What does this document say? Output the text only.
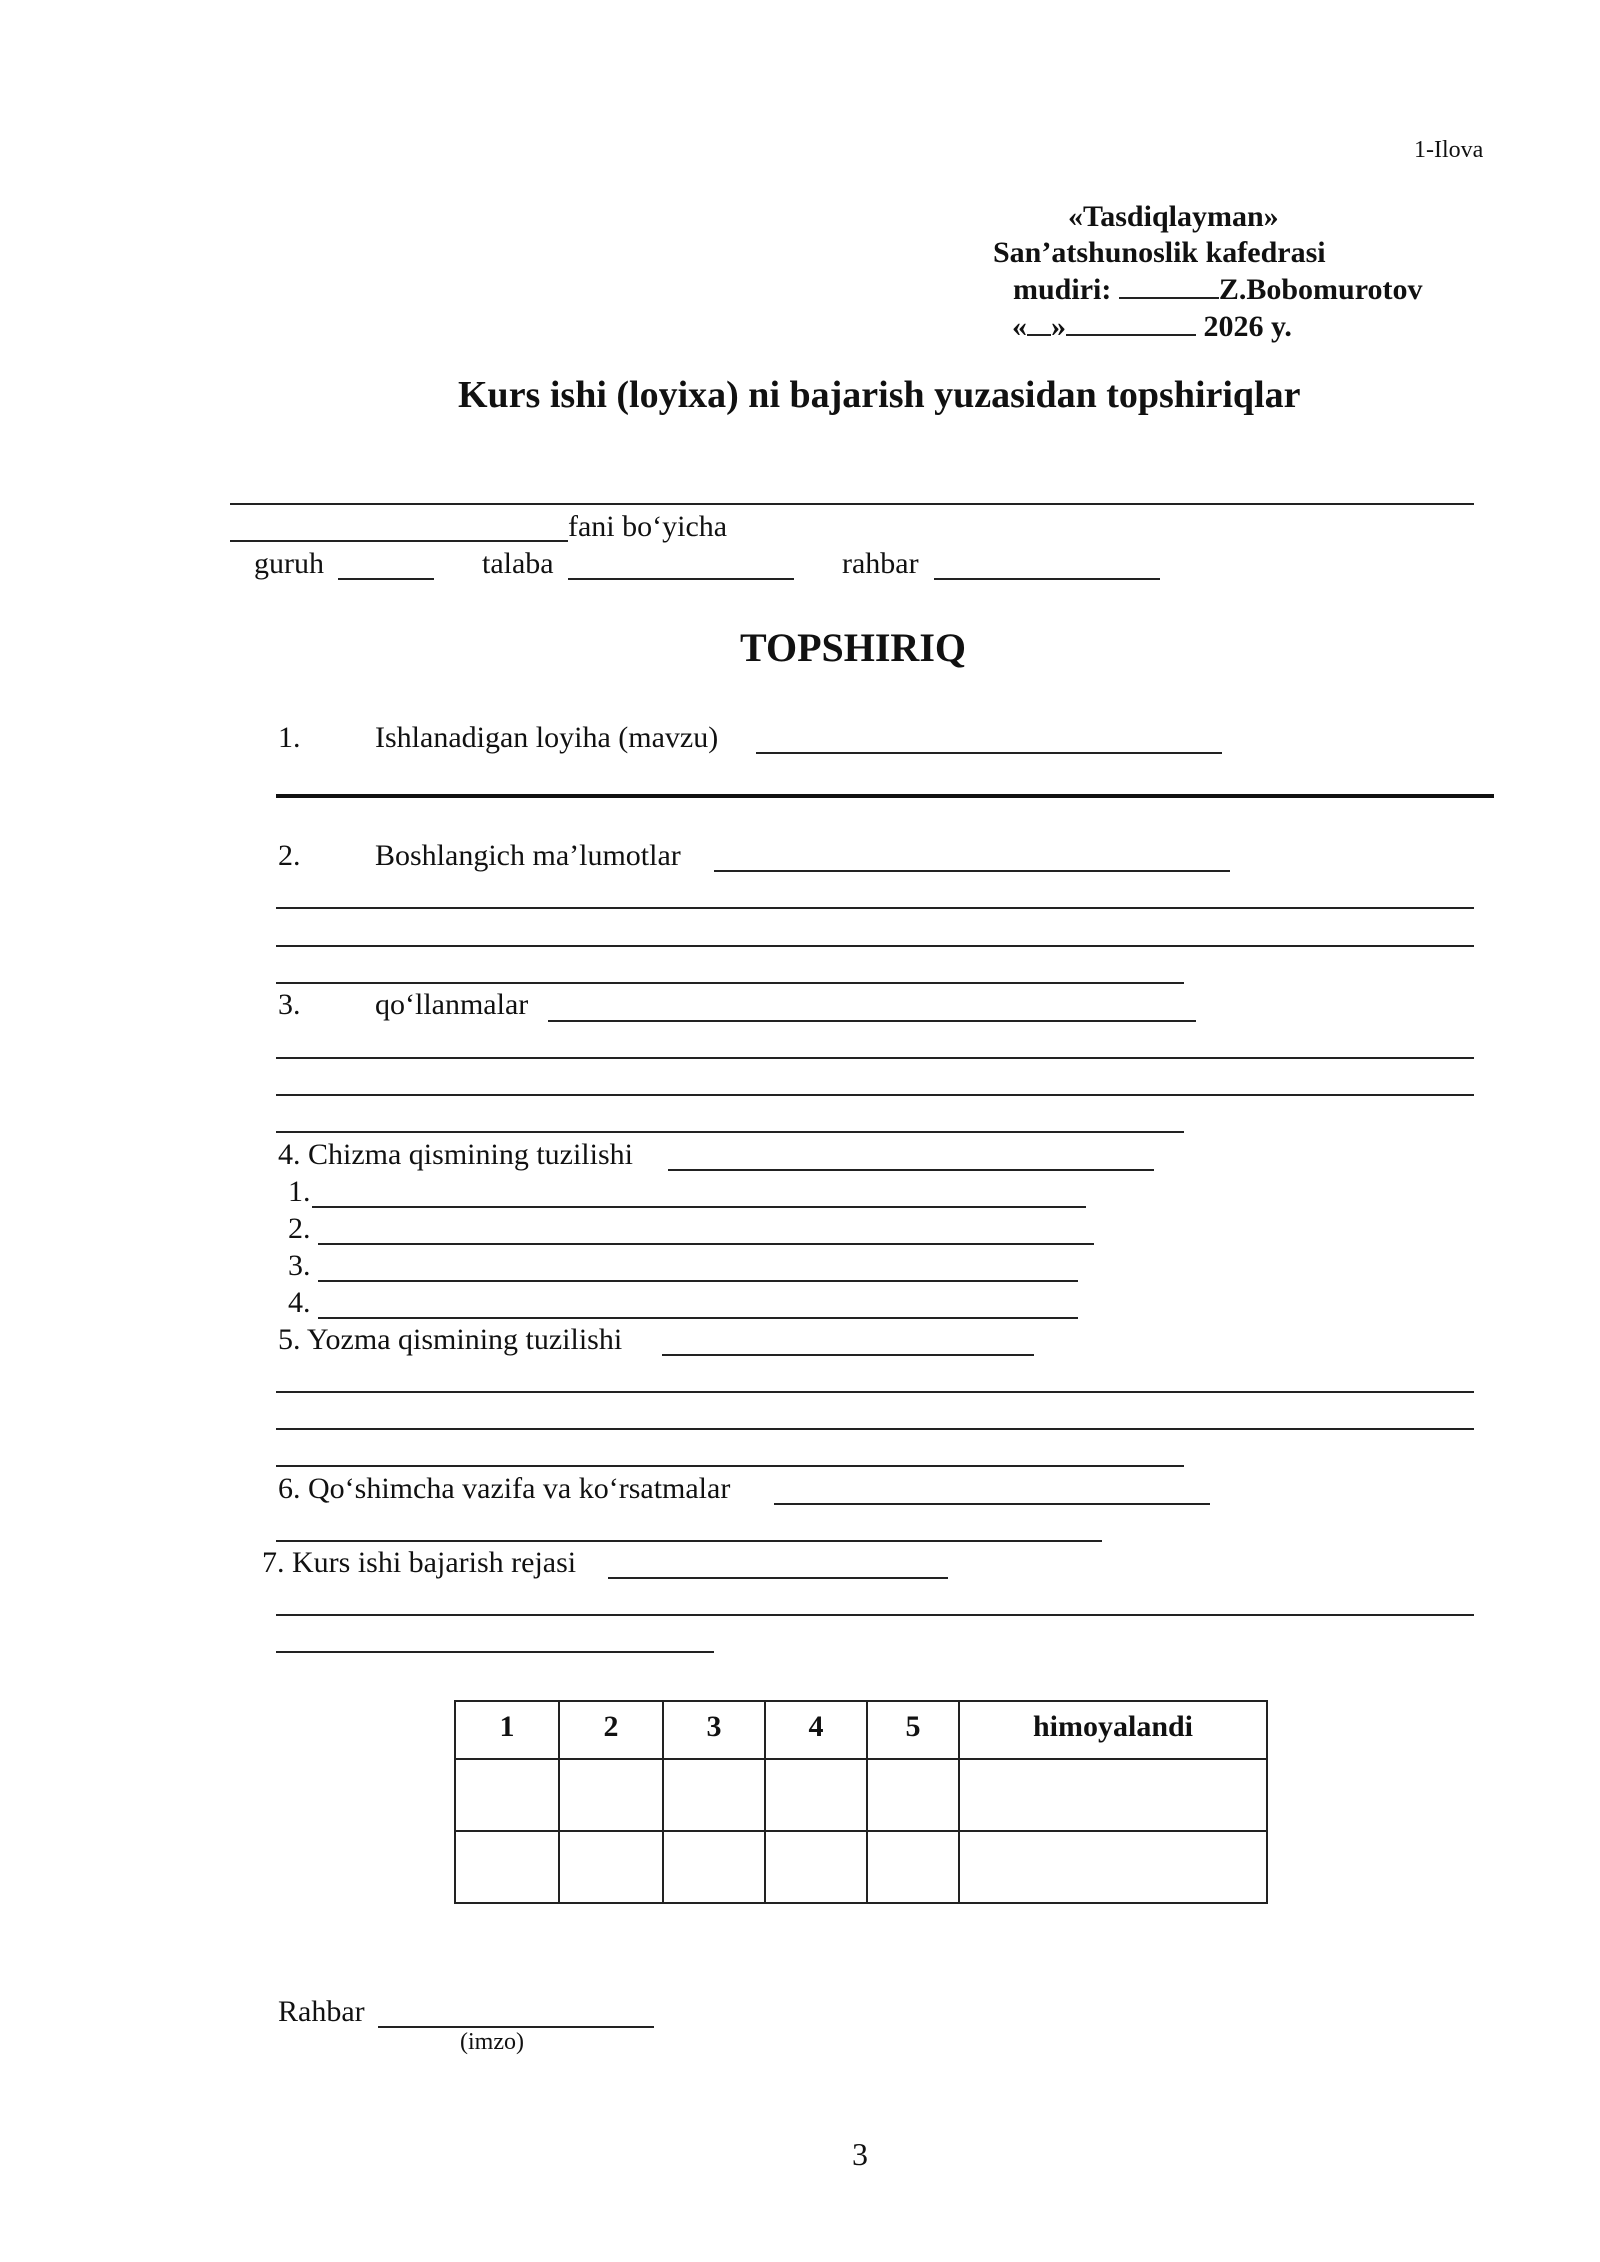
1-Ilova
«Tasdiqlayman»
San’atshunoslik kafedrasi
mudiri:	Z.Bobomurotov
« »	2026 y.
Kurs ishi (loyixa) ni bajarish yuzasidan topshiriqlar
fani bo‘yicha
guruh	talaba	rahbar
TOPSHIRIQ
1. Ishlanadigan loyiha (mavzu)
2. Boshlangich ma’lumotlar
3. qo‘llanmalar
4. Chizma qismining tuzilishi
1.
2.
3.
4.
5. Yozma qismining tuzilishi
6. Qo‘shimcha vazifa va ko‘rsatmalar
7. Kurs ishi bajarish rejasi
1	2	3	4	5	himoyalandi

Rahbar
(imzo)
3
